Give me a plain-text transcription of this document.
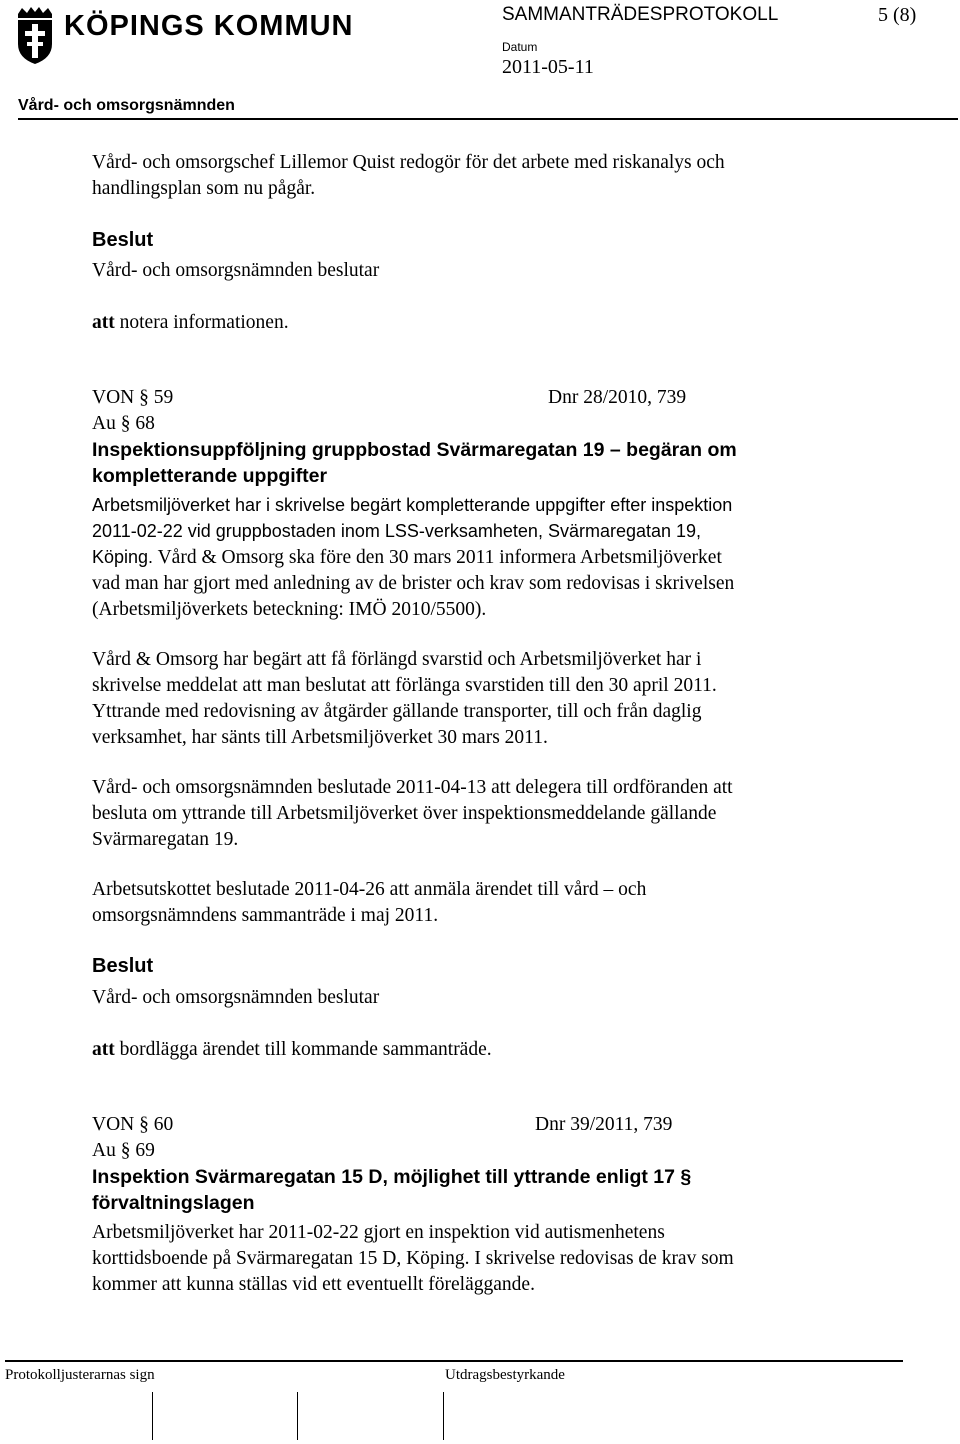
KÖPINGS KOMMUN	SAMMANTRÄDESPROTOKOLL	5 (8)
Datum
2011-05-11
Vård- och omsorgsnämnden
Vård- och omsorgschef Lillemor Quist redogör för det arbete med riskanalys och
handlingsplan som nu pågår.
Beslut
Vård- och omsorgsnämnden beslutar
att notera informationen.
VON § 59	Dnr 28/2010, 739
Au § 68
Inspektionsuppföljning gruppbostad Svärmaregatan 19 – begäran om
kompletterande uppgifter
Arbetsmiljöverket har i skrivelse begärt kompletterande uppgifter efter inspektion
2011-02-22 vid gruppbostaden inom LSS-verksamheten, Svärmaregatan 19,
Köping. Vård & Omsorg ska före den 30 mars 2011 informera Arbetsmiljöverket
vad man har gjort med anledning av de brister och krav som redovisas i skrivelsen
(Arbetsmiljöverkets beteckning: IMÖ 2010/5500).
Vård & Omsorg har begärt att få förlängd svarstid och Arbetsmiljöverket har i
skrivelse meddelat att man beslutat att förlänga svarstiden till den 30 april 2011.
Yttrande med redovisning av åtgärder gällande transporter, till och från daglig
verksamhet, har sänts till Arbetsmiljöverket 30 mars 2011.
Vård- och omsorgsnämnden beslutade 2011-04-13 att delegera till ordföranden att
besluta om yttrande till Arbetsmiljöverket över inspektionsmeddelande gällande
Svärmaregatan 19.
Arbetsutskottet beslutade 2011-04-26 att anmäla ärendet till vård – och
omsorgsnämndens sammanträde i maj 2011.
Beslut
Vård- och omsorgsnämnden beslutar
att bordlägga ärendet till kommande sammanträde.
VON § 60	Dnr 39/2011, 739
Au § 69
Inspektion Svärmaregatan 15 D, möjlighet till yttrande enligt 17 §
förvaltningslagen
Arbetsmiljöverket har 2011-02-22 gjort en inspektion vid autismenhetens
korttidsboende på Svärmaregatan 15 D, Köping. I skrivelse redovisas de krav som
kommer att kunna ställas vid ett eventuellt föreläggande.
Protokolljusterarnas sign	Utdragsbestyrkande
